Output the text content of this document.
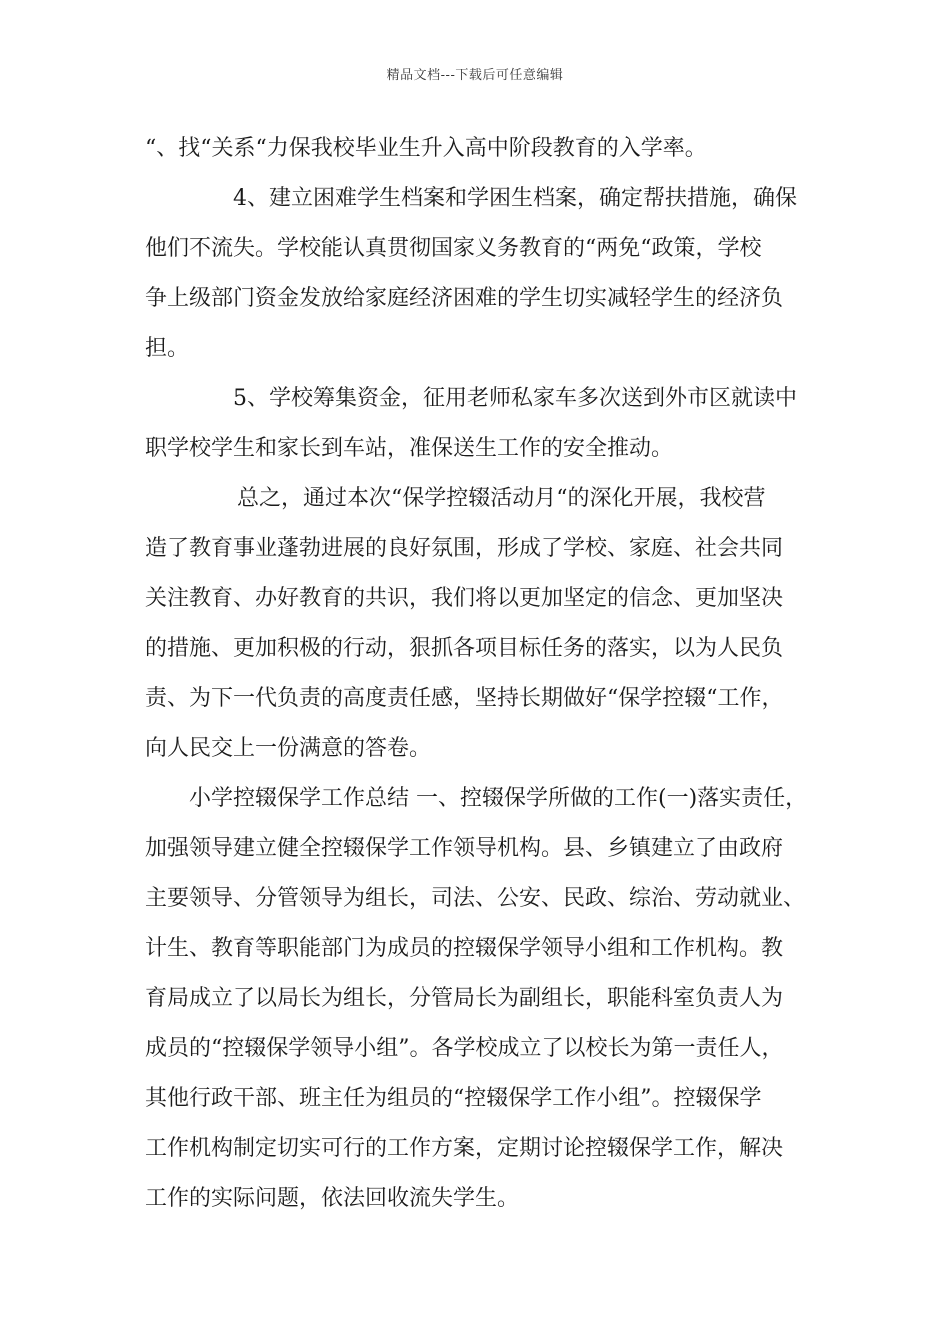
精品文档---下载后可任意编辑
“、找“关系“力保我校毕业生升入高中阶段教育的入学率。
4、建立困难学生档案和学困生档案，确定帮扶措施，确保
他们不流失。学校能认真贯彻国家义务教育的“两免“政策，学校
争上级部门资金发放给家庭经济困难的学生切实减轻学生的经济负
担。
5、学校筹集资金，征用老师私家车多次送到外市区就读中
职学校学生和家长到车站，准保送生工作的安全推动。
总之，通过本次“保学控辍活动月“的深化开展，我校营
造了教育事业蓬勃进展的良好氛围，形成了学校、家庭、社会共同
关注教育、办好教育的共识，我们将以更加坚定的信念、更加坚决
的措施、更加积极的行动，狠抓各项目标任务的落实，以为人民负
责、为下一代负责的高度责任感，坚持长期做好“保学控辍“工作，
向人民交上一份满意的答卷。
小学控辍保学工作总结 一、控辍保学所做的工作(一)落实责任，
加强领导建立健全控辍保学工作领导机构。县、乡镇建立了由政府
主要领导、分管领导为组长，司法、公安、民政、综治、劳动就业、
计生、教育等职能部门为成员的控辍保学领导小组和工作机构。教
育局成立了以局长为组长，分管局长为副组长，职能科室负责人为
成员的“控辍保学领导小组”。各学校成立了以校长为第一责任人，
其他行政干部、班主任为组员的“控辍保学工作小组”。控辍保学
工作机构制定切实可行的工作方案，定期讨论控辍保学工作，解决
工作的实际问题，依法回收流失学生。
